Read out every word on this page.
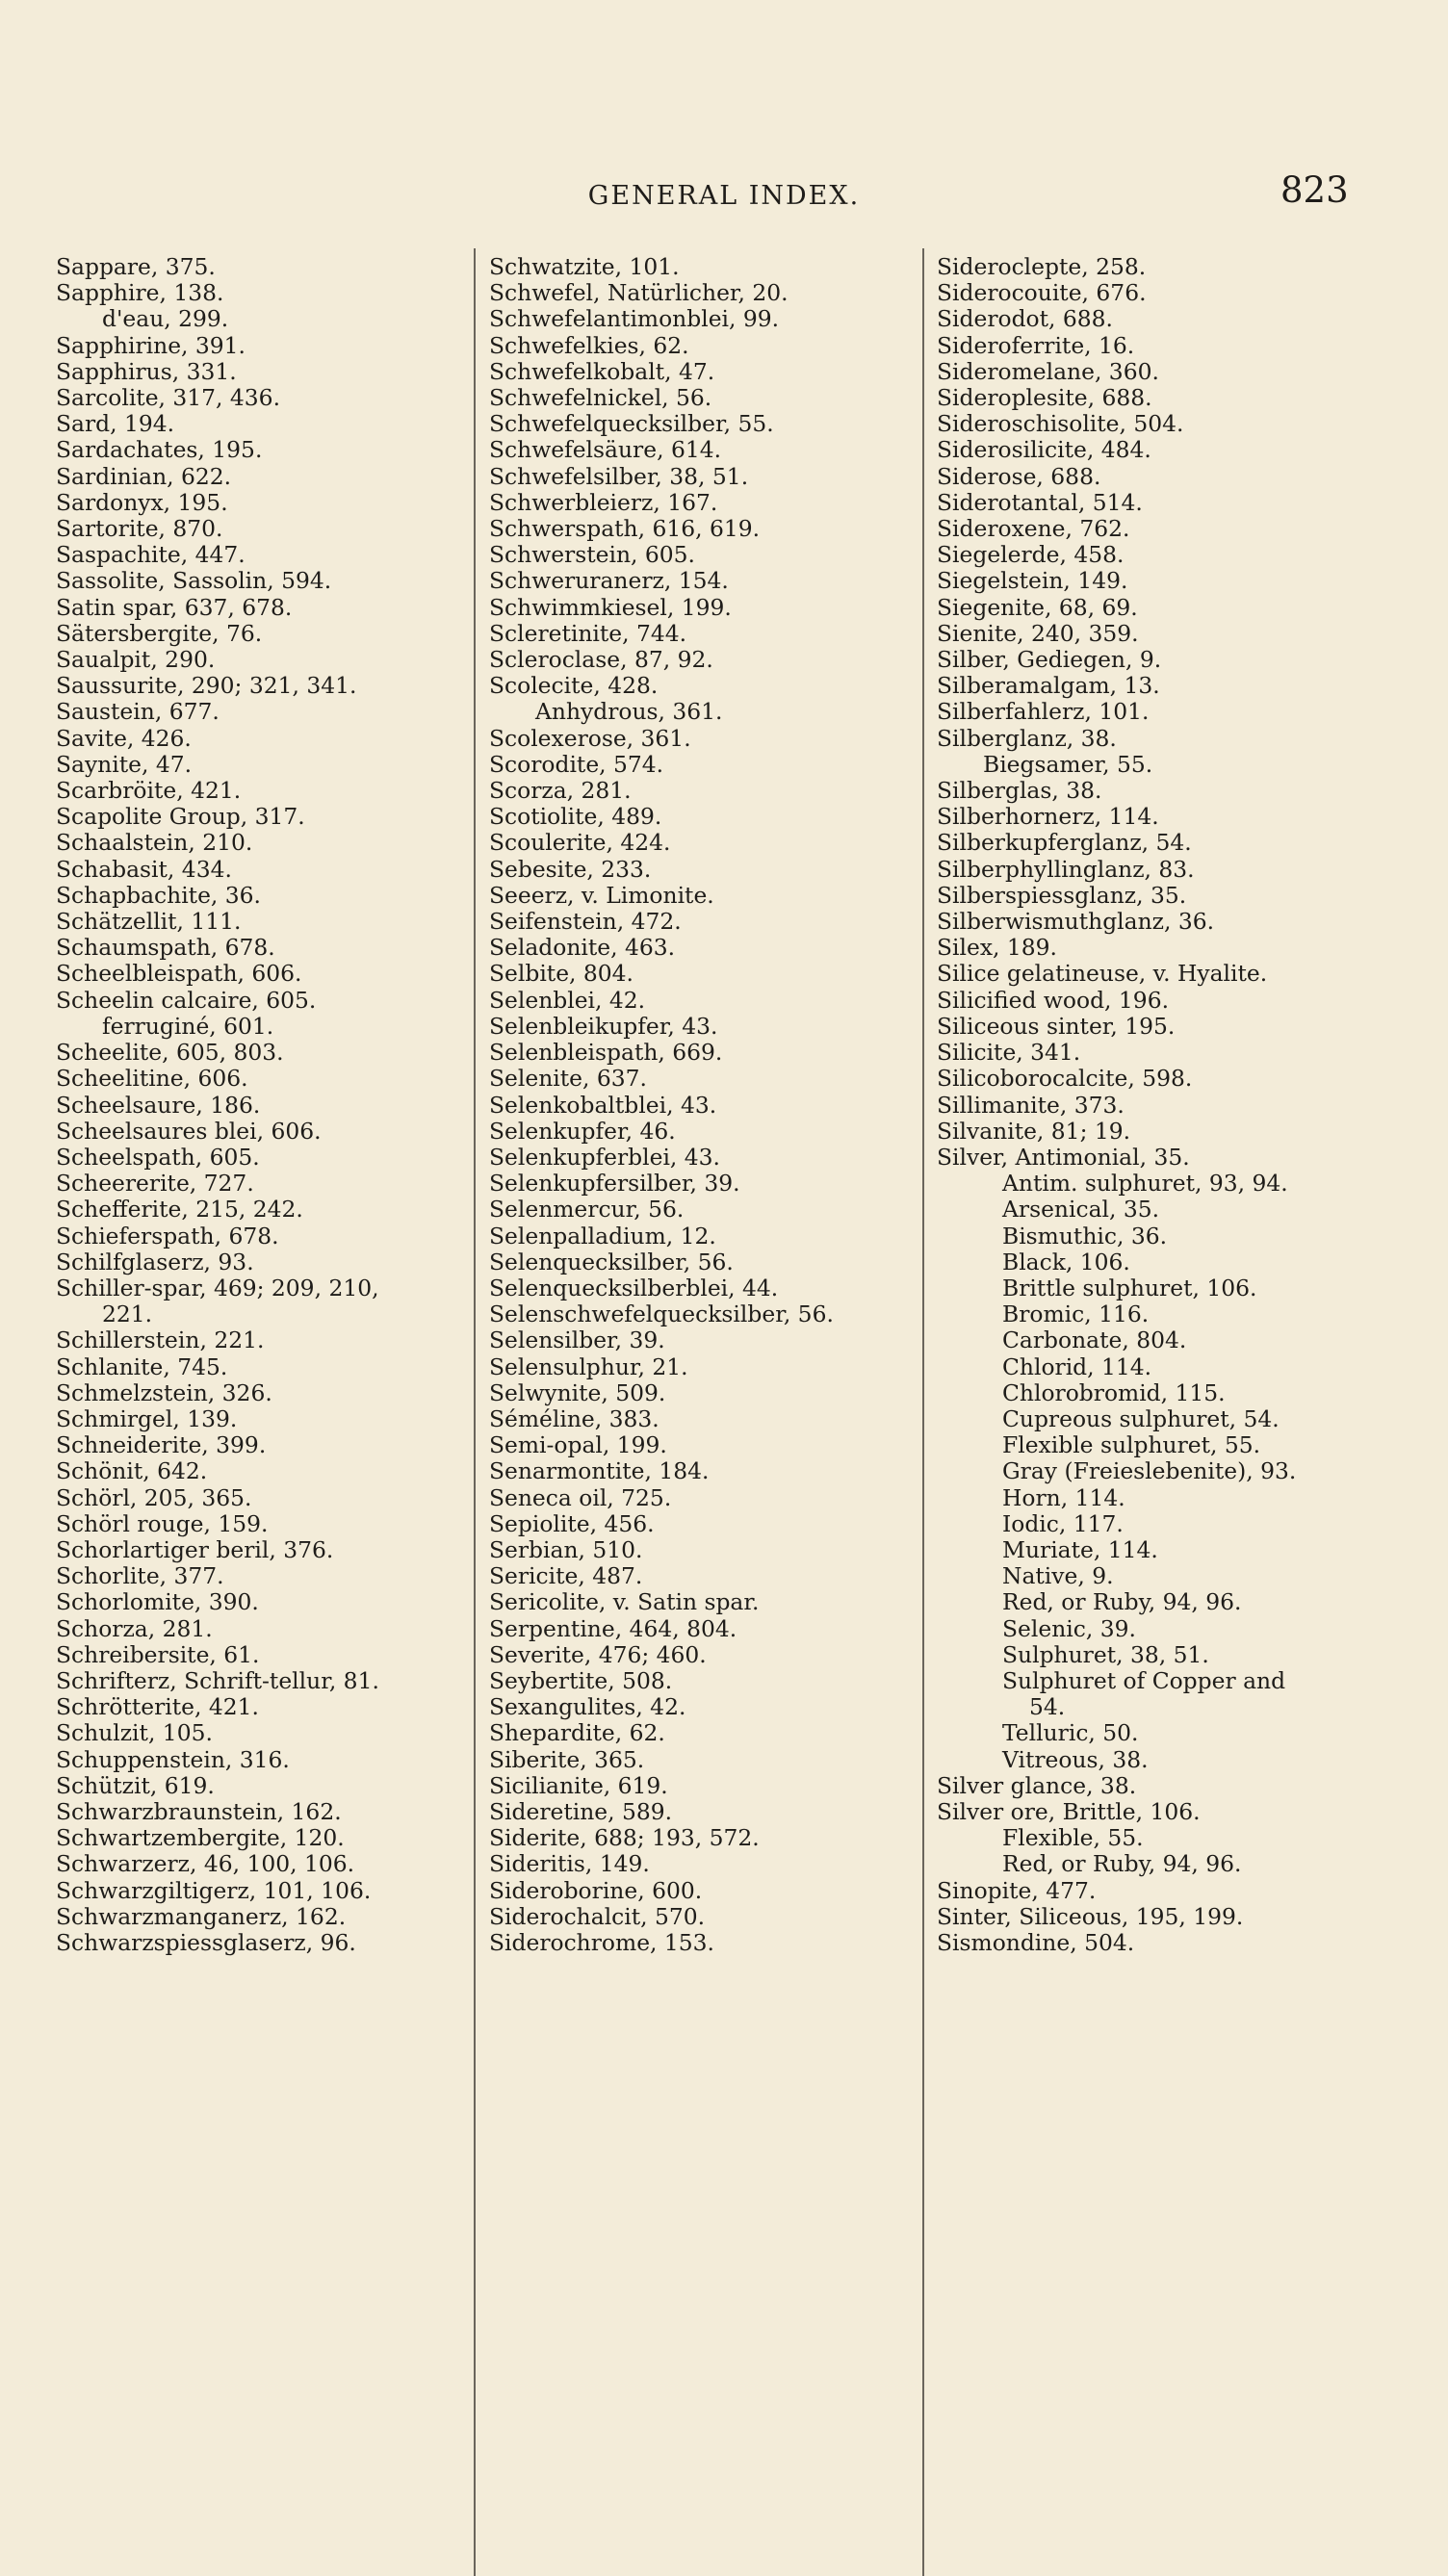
GENERAL INDEX.	823
Sappare, 375.
Sapphire, 138.
d'eau, 299.
Sapphirine, 391.
Sapphirus, 331.
Sarcolite, 317, 436.
Sard, 194.
Sardachates, 195.
Sardinian, 622.
Sardonyx, 195.
Sartorite, 870.
Saspachite, 447.
Sassolite, Sassolin, 594.
Satin spar, 637, 678.
Sätersbergite, 76.
Saualpit, 290.
Saussurite, 290; 321, 341.
Saustein, 677.
Savite, 426.
Saynite, 47.
Scarbröite, 421.
Scapolite Group, 317.
Schaalstein, 210.
Schabasit, 434.
Schapbachite, 36.
Schätzellit, 111.
Schaumspath, 678.
Scheelbleispath, 606.
Scheelin calcaire, 605.
ferruginé, 601.
Scheelite, 605, 803.
Scheelitine, 606.
Scheelsaure, 186.
Scheelsaures blei, 606.
Scheelspath, 605.
Scheererite, 727.
Schefferite, 215, 242.
Schieferspath, 678.
Schilfglaserz, 93.
Schiller-spar, 469; 209, 210,
221.
Schillerstein, 221.
Schlanite, 745.
Schmelzstein, 326.
Schmirgel, 139.
Schneiderite, 399.
Schönit, 642.
Schörl, 205, 365.
Schörl rouge, 159.
Schorlartiger beril, 376.
Schorlite, 377.
Schorlomite, 390.
Schorza, 281.
Schreibersite, 61.
Schrifterz, Schrift-tellur, 81.
Schrötterite, 421.
Schulzit, 105.
Schuppenstein, 316.
Schützit, 619.
Schwarzbraunstein, 162.
Schwartzembergite, 120.
Schwarzerz, 46, 100, 106.
Schwarzgiltigerz, 101, 106.
Schwarzmanganerz, 162.
Schwarzspiessglaserz, 96.
Schwatzite, 101.
Schwefel, Natürlicher, 20.
Schwefelantimonblei, 99.
Schwefelkies, 62.
Schwefelkobalt, 47.
Schwefelnickel, 56.
Schwefelquecksilber, 55.
Schwefelsäure, 614.
Schwefelsilber, 38, 51.
Schwerbleierz, 167.
Schwerspath, 616, 619.
Schwerstein, 605.
Schweruranerz, 154.
Schwimmkiesel, 199.
Scleretinite, 744.
Scleroclase, 87, 92.
Scolecite, 428.
Anhydrous, 361.
Scolexerose, 361.
Scorodite, 574.
Scorza, 281.
Scotiolite, 489.
Scoulerite, 424.
Sebesite, 233.
Seeerz, v. Limonite.
Seifenstein, 472.
Seladonite, 463.
Selbite, 804.
Selenblei, 42.
Selenbleikupfer, 43.
Selenbleispath, 669.
Selenite, 637.
Selenkobaltblei, 43.
Selenkupfer, 46.
Selenkupferblei, 43.
Selenkupfersilber, 39.
Selenmercur, 56.
Selenpalladium, 12.
Selenquecksilber, 56.
Selenquecksilberblei, 44.
Selenschwefelquecksilber, 56.
Selensilber, 39.
Selensulphur, 21.
Selwynite, 509.
Séméline, 383.
Semi-opal, 199.
Senarmontite, 184.
Seneca oil, 725.
Sepiolite, 456.
Serbian, 510.
Sericite, 487.
Sericolite, v. Satin spar.
Serpentine, 464, 804.
Severite, 476; 460.
Seybertite, 508.
Sexangulites, 42.
Shepardite, 62.
Siberite, 365.
Sicilianite, 619.
Sideretine, 589.
Siderite, 688; 193, 572.
Sideritis, 149.
Sideroborine, 600.
Siderochalcit, 570.
Siderochrome, 153.
Sideroclepte, 258.
Siderocouite, 676.
Siderodot, 688.
Sideroferrite, 16.
Sideromelane, 360.
Sideroplesite, 688.
Sideroschisolite, 504.
Siderosilicite, 484.
Siderose, 688.
Siderotantal, 514.
Sideroxene, 762.
Siegelerde, 458.
Siegelstein, 149.
Siegenite, 68, 69.
Sienite, 240, 359.
Silber, Gediegen, 9.
Silberamalgam, 13.
Silberfahlerz, 101.
Silberglanz, 38.
Biegsamer, 55.
Silberglas, 38.
Silberhornerz, 114.
Silberkupferglanz, 54.
Silberphyllinglanz, 83.
Silberspiessglanz, 35.
Silberwismuthglanz, 36.
Silex, 189.
Silice gelatineuse, v. Hyalite.
Silicified wood, 196.
Siliceous sinter, 195.
Silicite, 341.
Silicoborocalcite, 598.
Sillimanite, 373.
Silvanite, 81; 19.
Silver, Antimonial, 35.
Antim. sulphuret, 93, 94.
Arsenical, 35.
Bismuthic, 36.
Black, 106.
Brittle sulphuret, 106.
Bromic, 116.
Carbonate, 804.
Chlorid, 114.
Chlorobromid, 115.
Cupreous sulphuret, 54.
Flexible sulphuret, 55.
Gray (Freieslebenite), 93.
Horn, 114.
Iodic, 117.
Muriate, 114.
Native, 9.
Red, or Ruby, 94, 96.
Selenic, 39.
Sulphuret, 38, 51.
Sulphuret of Copper and
54.
Telluric, 50.
Vitreous, 38.
Silver glance, 38.
Silver ore, Brittle, 106.
Flexible, 55.
Red, or Ruby, 94, 96.
Sinopite, 477.
Sinter, Siliceous, 195, 199.
Sismondine, 504.
